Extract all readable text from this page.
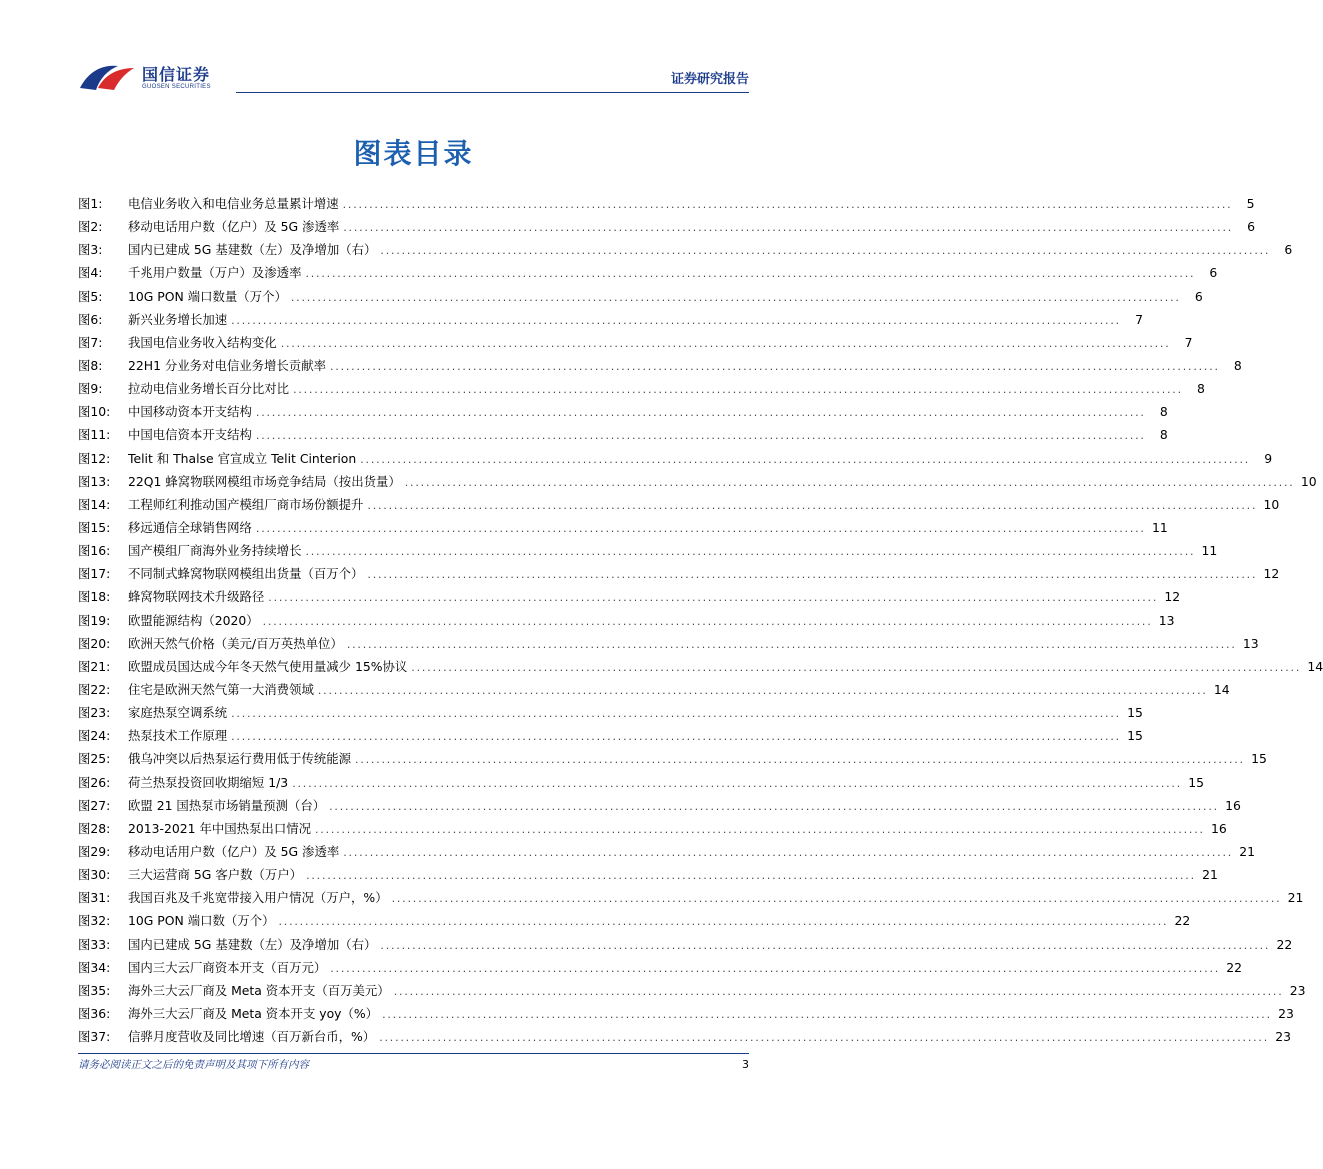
国信证券
GUOSEN SECURITIES	证券研究报告
图表目录
图1:	电信业务收入和电信业务总量累计增速 .....	5
图2:	移动电话用户数（亿户）及 5G 渗透率 .....	6
图3:	国内已建成 5G 基建数（左）及净增加（右） .....	6
图4:	千兆用户数量（万户）及渗透率 .....	6
图5:	10G PON 端口数量（万个） .....	6
图6:	新兴业务增长加速 .....	7
图7:	我国电信业务收入结构变化 .....	7
图8:	22H1 分业务对电信业务增长贡献率 .....	8
图9:	拉动电信业务增长百分比对比 .....	8
图10:	中国移动资本开支结构 .....	8
图11:	中国电信资本开支结构 .....	8
图12:	Telit 和 Thalse 官宣成立 Telit Cinterion .....	9
图13:	22Q1 蜂窝物联网模组市场竞争结局（按出货量） .....	10
图14:	工程师红利推动国产模组厂商市场份额提升 .....	10
图15:	移远通信全球销售网络 .....	11
图16:	国产模组厂商海外业务持续增长 .....	11
图17:	不同制式蜂窝物联网模组出货量（百万个） .....	12
图18:	蜂窝物联网技术升级路径 .....	12
图19:	欧盟能源结构（2020） .....	13
图20:	欧洲天然气价格（美元/百万英热单位） .....	13
图21:	欧盟成员国达成今年冬天然气使用量减少 15%协议 .....	14
图22:	住宅是欧洲天然气第一大消费领域 .....	14
图23:	家庭热泵空调系统 .....	15
图24:	热泵技术工作原理 .....	15
图25:	俄乌冲突以后热泵运行费用低于传统能源 .....	15
图26:	荷兰热泵投资回收期缩短 1/3 .....	15
图27:	欧盟 21 国热泵市场销量预测（台） .....	16
图28:	2013-2021 年中国热泵出口情况 .....	16
图29:	移动电话用户数（亿户）及 5G 渗透率 .....	21
图30:	三大运营商 5G 客户数（万户） .....	21
图31:	我国百兆及千兆宽带接入用户情况（万户，%） .....	21
图32:	10G PON 端口数（万个） .....	22
图33:	国内已建成 5G 基建数（左）及净增加（右） .....	22
图34:	国内三大云厂商资本开支（百万元） .....	22
图35:	海外三大云厂商及 Meta 资本开支（百万美元） .....	23
图36:	海外三大云厂商及 Meta 资本开支 yoy（%） .....	23
图37:	信骅月度营收及同比增速（百万新台币，%） .....	23
请务必阅读正文之后的免责声明及其项下所有内容	3
